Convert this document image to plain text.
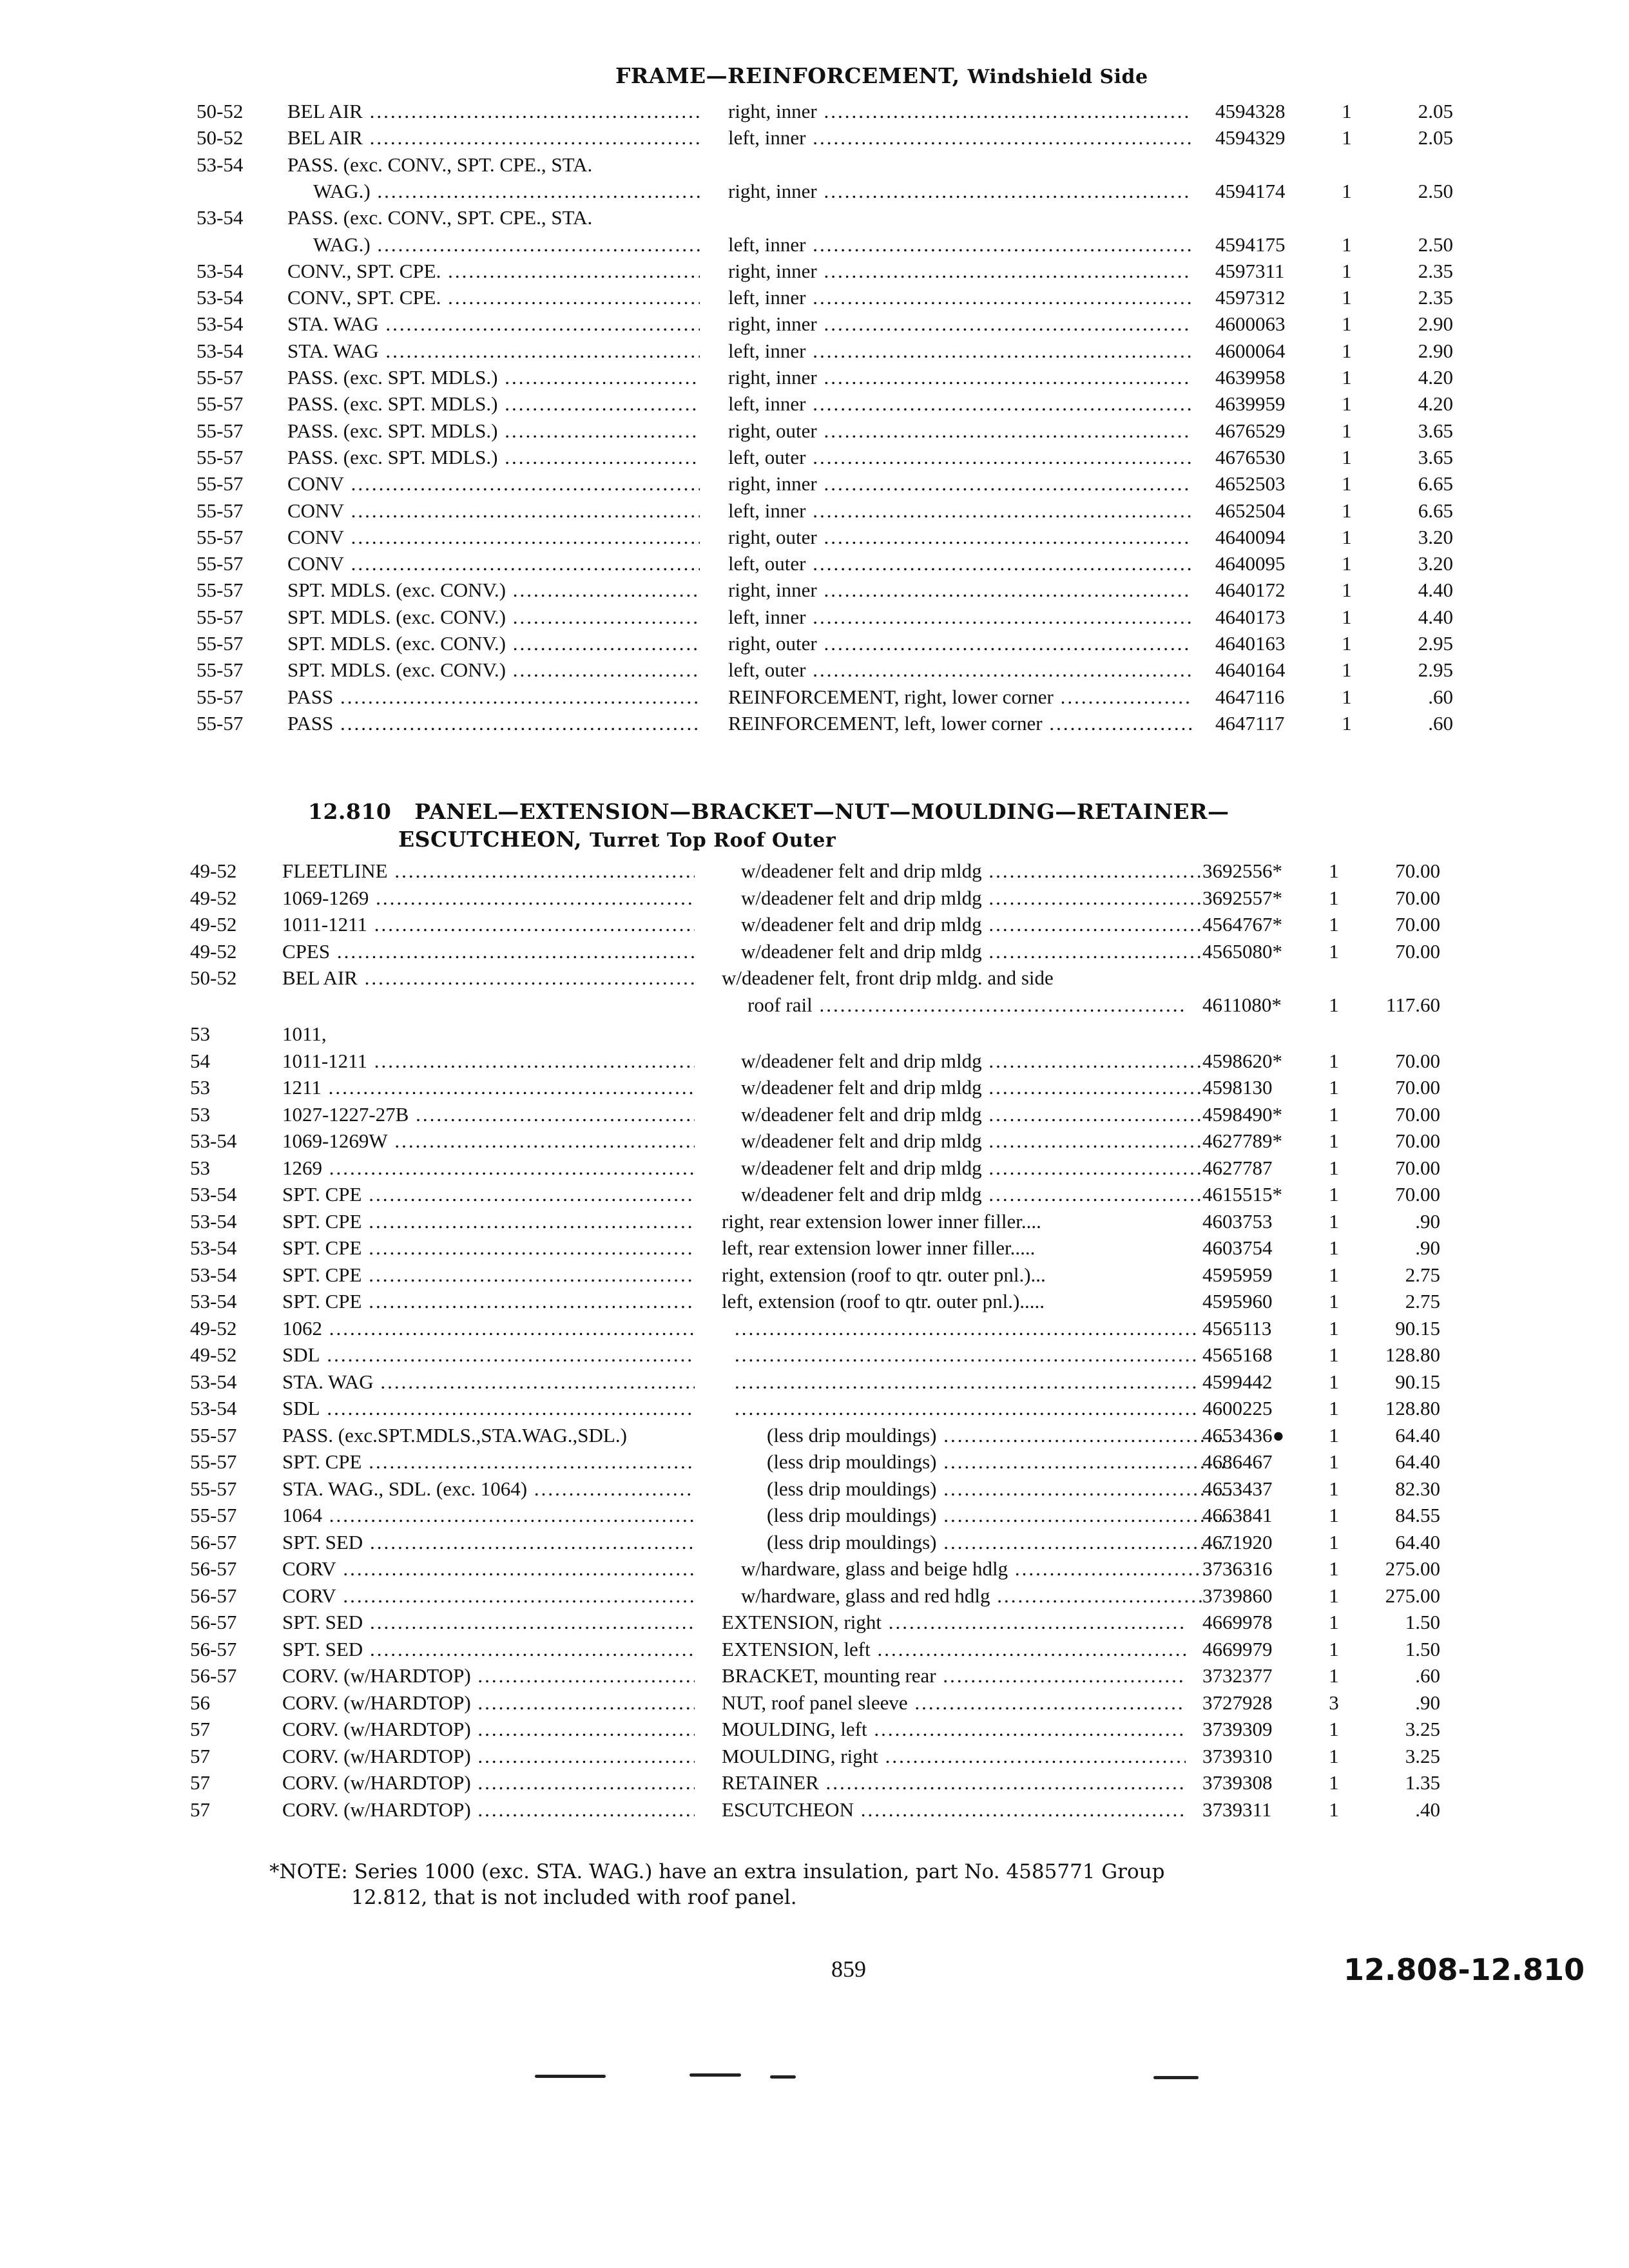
FRAME—REINFORCEMENT, Windshield Side
50-52	BEL AIR .....	right, inner .....	4594328	1	2.05
50-52	BEL AIR .....	left, inner .....	4594329	1	2.05
53-54	PASS. (exc. CONV., SPT. CPE., STA.
WAG.) .....	right, inner .....	4594174	1	2.50
53-54	PASS. (exc. CONV., SPT. CPE., STA.
WAG.) .....	left, inner .....	4594175	1	2.50
53-54	CONV., SPT. CPE. .....	right, inner .....	4597311	1	2.35
53-54	CONV., SPT. CPE. .....	left, inner .....	4597312	1	2.35
53-54	STA. WAG .....	right, inner .....	4600063	1	2.90
53-54	STA. WAG .....	left, inner .....	4600064	1	2.90
55-57	PASS. (exc. SPT. MDLS.) .....	right, inner .....	4639958	1	4.20
55-57	PASS. (exc. SPT. MDLS.) .....	left, inner .....	4639959	1	4.20
55-57	PASS. (exc. SPT. MDLS.) .....	right, outer .....	4676529	1	3.65
55-57	PASS. (exc. SPT. MDLS.) .....	left, outer .....	4676530	1	3.65
55-57	CONV .....	right, inner .....	4652503	1	6.65
55-57	CONV .....	left, inner .....	4652504	1	6.65
55-57	CONV .....	right, outer .....	4640094	1	3.20
55-57	CONV .....	left, outer .....	4640095	1	3.20
55-57	SPT. MDLS. (exc. CONV.) .....	right, inner .....	4640172	1	4.40
55-57	SPT. MDLS. (exc. CONV.) .....	left, inner .....	4640173	1	4.40
55-57	SPT. MDLS. (exc. CONV.) .....	right, outer .....	4640163	1	2.95
55-57	SPT. MDLS. (exc. CONV.) .....	left, outer .....	4640164	1	2.95
55-57	PASS .....	REINFORCEMENT, right, lower corner .....	4647116	1	.60
55-57	PASS .....	REINFORCEMENT, left, lower corner .....	4647117	1	.60
12.810 PANEL—EXTENSION—BRACKET—NUT—MOULDING—RETAINER—
ESCUTCHEON, Turret Top Roof Outer
49-52	FLEETLINE .....	w/deadener felt and drip mldg .....	3692556*	1	70.00
49-52	1069-1269 .....	w/deadener felt and drip mldg .....	3692557*	1	70.00
49-52	1011-1211 .....	w/deadener felt and drip mldg .....	4564767*	1	70.00
49-52	CPES .....	w/deadener felt and drip mldg .....	4565080*	1	70.00
50-52	BEL AIR .....	w/deadener felt, front drip mldg. and side
roof rail .....	4611080*	1	117.60
53	1011,
54	1011-1211 .....	w/deadener felt and drip mldg .....	4598620*	1	70.00
53	1211 .....	w/deadener felt and drip mldg .....	4598130	1	70.00
53	1027-1227-27B .....	w/deadener felt and drip mldg .....	4598490*	1	70.00
53-54	1069-1269W .....	w/deadener felt and drip mldg .....	4627789*	1	70.00
53	1269 .....	w/deadener felt and drip mldg .....	4627787	1	70.00
53-54	SPT. CPE .....	w/deadener felt and drip mldg .....	4615515*	1	70.00
53-54	SPT. CPE .....	right, rear extension lower inner filler....	4603753	1	.90
53-54	SPT. CPE .....	left, rear extension lower inner filler.....	4603754	1	.90
53-54	SPT. CPE .....	right, extension (roof to qtr. outer pnl.)...	4595959	1	2.75
53-54	SPT. CPE .....	left, extension (roof to qtr. outer pnl.).....	4595960	1	2.75
49-52	1062 ..... .....	4565113	1	90.15
49-52	SDL ..... .....	4565168	1	128.80
53-54	STA. WAG ..... .....	4599442	1	90.15
53-54	SDL ..... .....	4600225	1	128.80
55-57	PASS. (exc.SPT.MDLS.,STA.WAG.,SDL.)	(less drip mouldings) .....	4653436●	1	64.40
55-57	SPT. CPE .....	(less drip mouldings) .....	4686467	1	64.40
55-57	STA. WAG., SDL. (exc. 1064) .....	(less drip mouldings) .....	4653437	1	82.30
55-57	1064 .....	(less drip mouldings) .....	4663841	1	84.55
56-57	SPT. SED .....	(less drip mouldings) .....	4671920	1	64.40
56-57	CORV .....	w/hardware, glass and beige hdlg .....	3736316	1	275.00
56-57	CORV .....	w/hardware, glass and red hdlg .....	3739860	1	275.00
56-57	SPT. SED .....	EXTENSION, right .....	4669978	1	1.50
56-57	SPT. SED .....	EXTENSION, left .....	4669979	1	1.50
56-57	CORV. (w/HARDTOP) .....	BRACKET, mounting rear .....	3732377	1	.60
56	CORV. (w/HARDTOP) .....	NUT, roof panel sleeve .....	3727928	3	.90
57	CORV. (w/HARDTOP) .....	MOULDING, left .....	3739309	1	3.25
57	CORV. (w/HARDTOP) .....	MOULDING, right .....	3739310	1	3.25
57	CORV. (w/HARDTOP) .....	RETAINER .....	3739308	1	1.35
57	CORV. (w/HARDTOP) .....	ESCUTCHEON .....	3739311	1	.40
*NOTE: Series 1000 (exc. STA. WAG.) have an extra insulation, part No. 4585771 Group
12.812, that is not included with roof panel.
859	12.808-12.810
